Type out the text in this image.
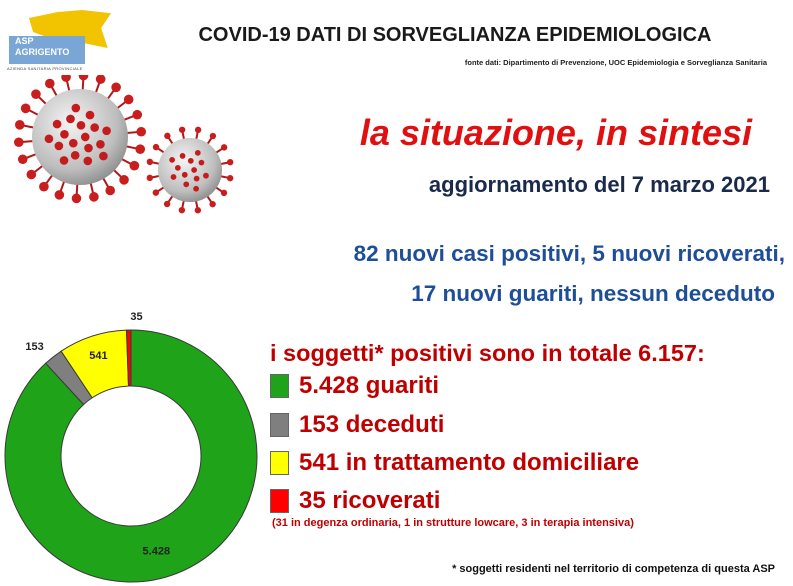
ASP
AGRIGENTO
AZIENDA SANITARIA PROVINCIALE
COVID-19 DATI DI SORVEGLIANZA EPIDEMIOLOGICA
fonte dati: Dipartimento di Prevenzione, UOC Epidemiologia e Sorveglianza Sanitaria
la situazione, in sintesi
aggiornamento del 7 marzo 2021
82 nuovi casi positivi, 5 nuovi ricoverati,
17 nuovi guariti, nessun deceduto
i soggetti* positivi sono in totale 6.157:
5.428 guariti
153 deceduti
541 in trattamento domiciliare
35 ricoverati
(31 in degenza ordinaria, 1 in strutture lowcare, 3 in terapia intensiva)
* soggetti residenti nel territorio di competenza di questa ASP
5.428
153
541
35
